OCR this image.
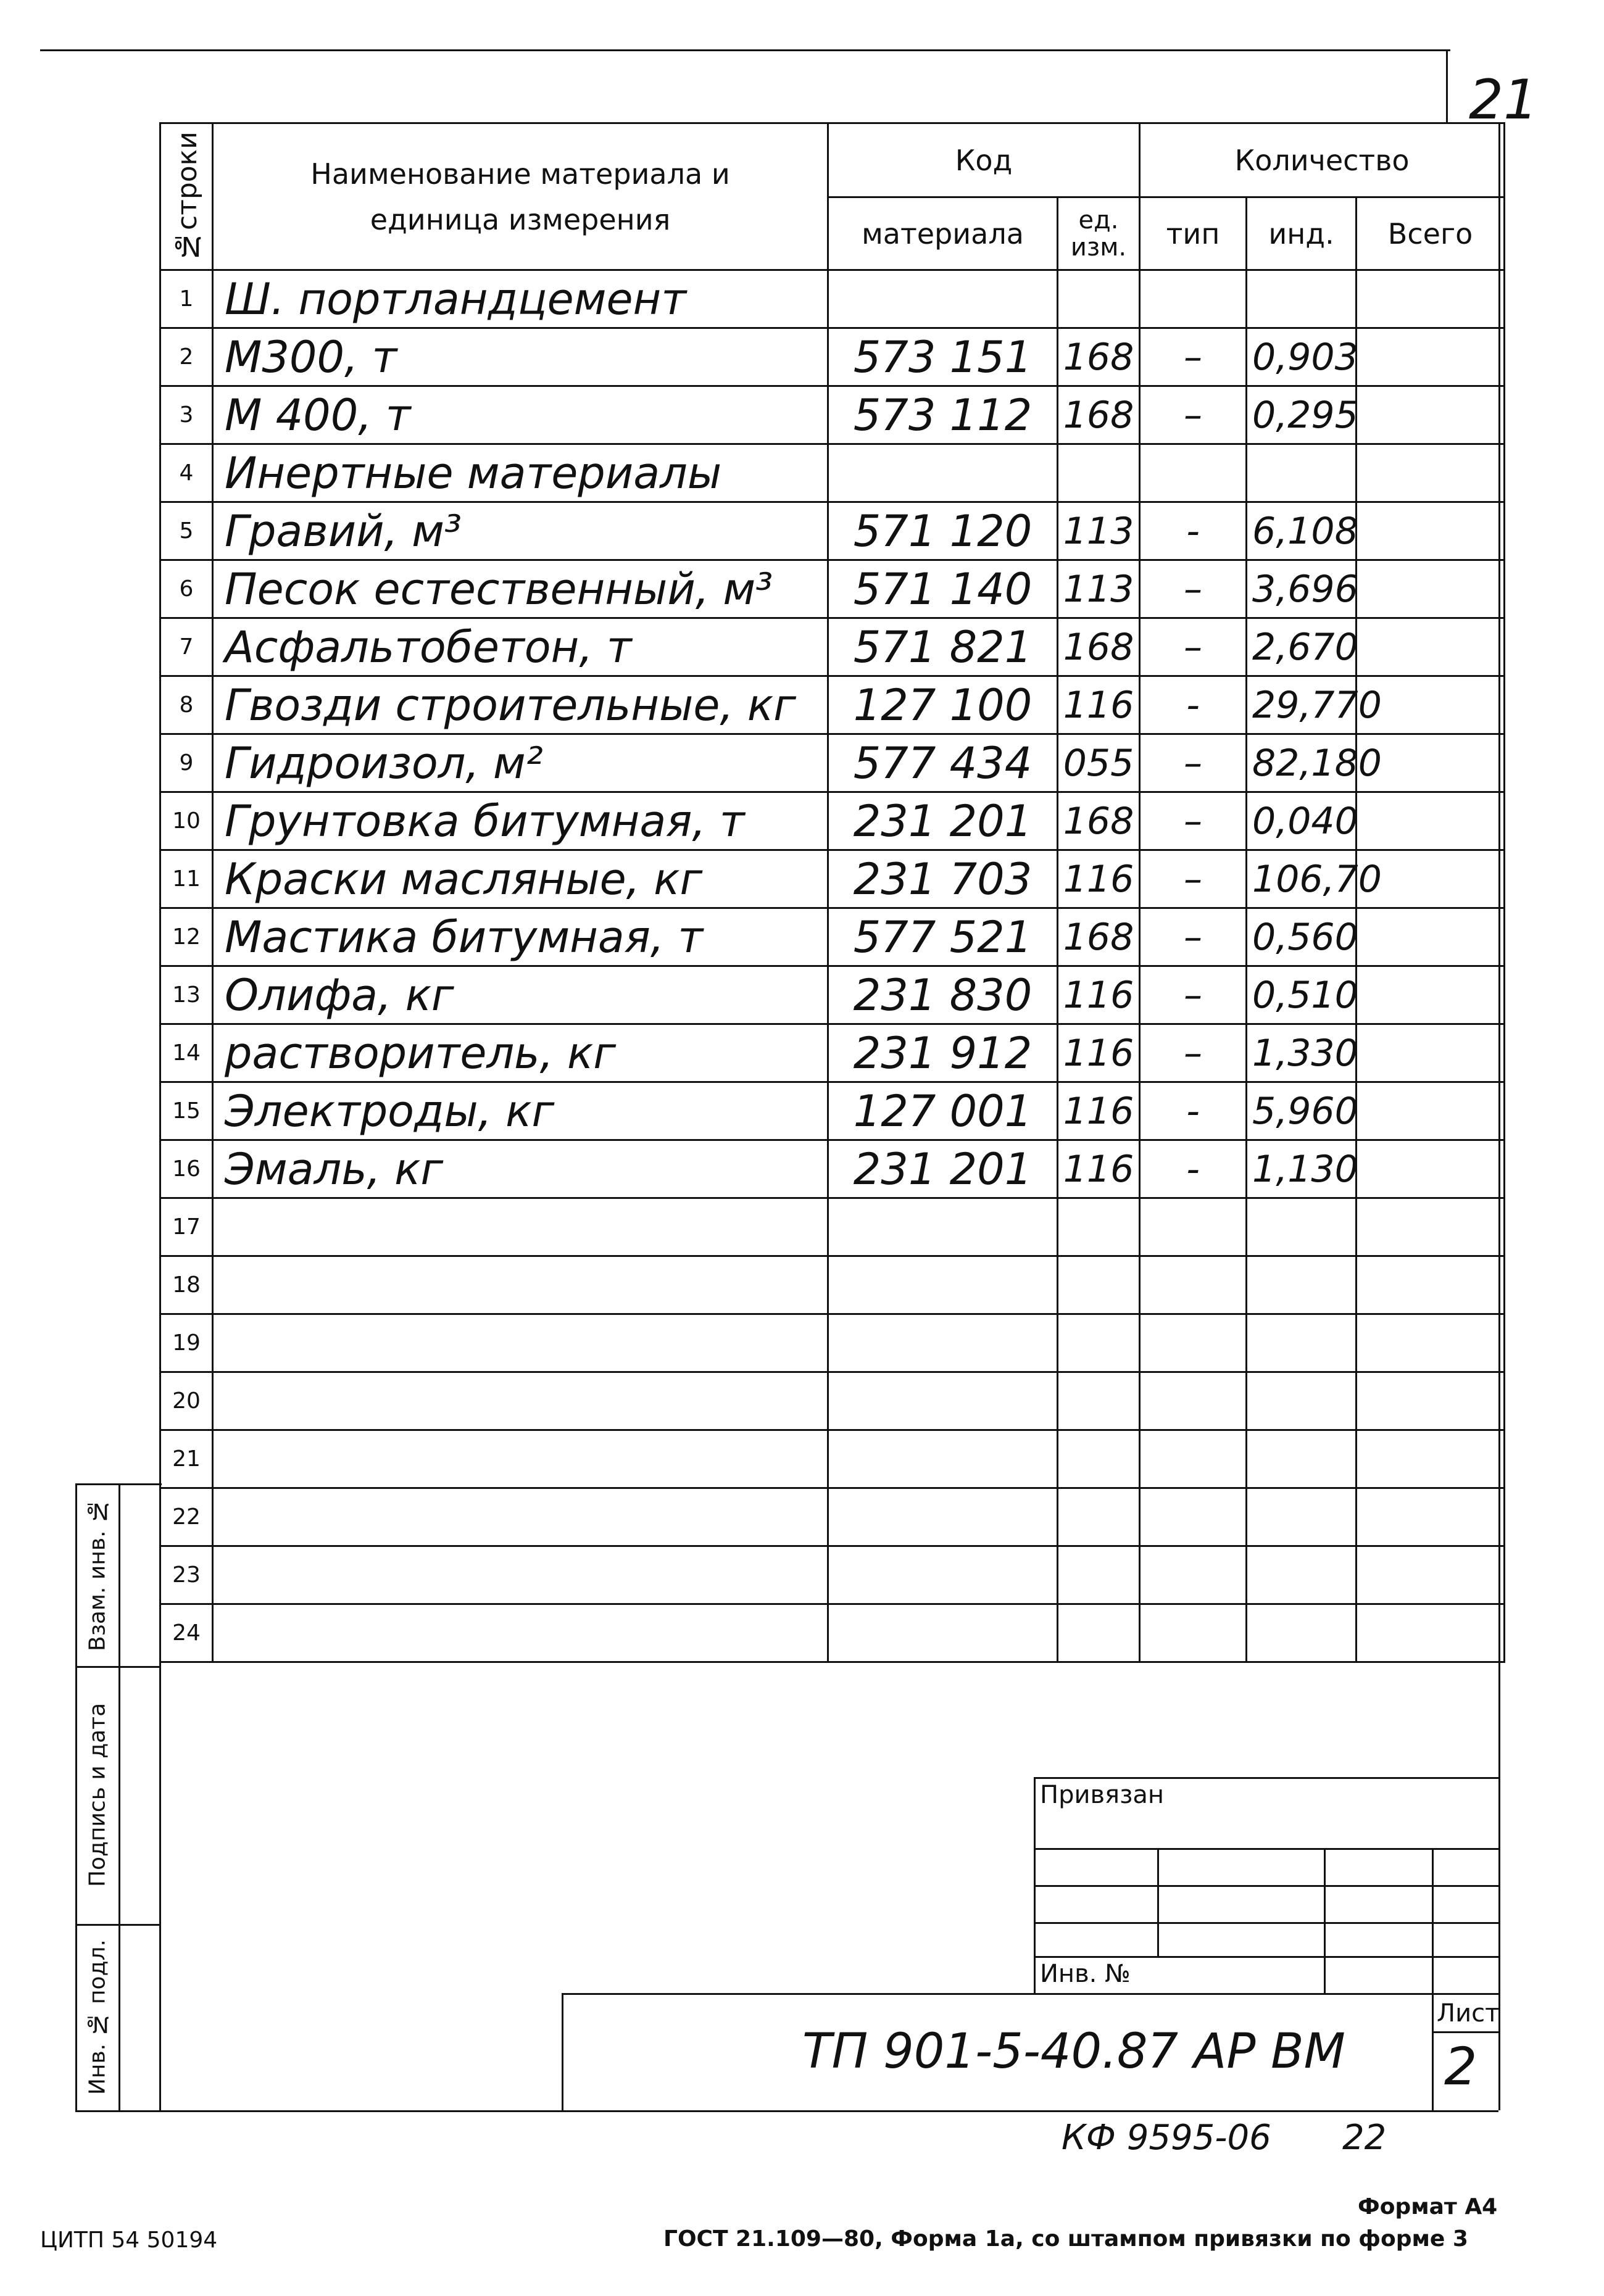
21
№строки	Наименование материала и единица измерения	Код		Количество		
		материала	ед. изм.	тип	инд.	Всего
1	Ш. портландцемент					
2	М300, т	573 151	168	–	0,903	
3	М 400, т	573 112	168	–	0,295	
4	Инертные материалы					
5	Гравий, м³	571 120	113	-	6,108	
6	Песок естественный, м³	571 140	113	–	3,696	
7	Асфальтобетон, т	571 821	168	–	2,670	
8	Гвозди строительные, кг	127 100	116	-	29,770	
9	Гидроизол, м²	577 434	055	–	82,180	
10	Грунтовка битумная, т	231 201	168	–	0,040	
11	Краски масляные, кг	231 703	116	–	106,70	
12	Мастика битумная, т	577 521	168	–	0,560	
13	Олифа, кг	231 830	116	–	0,510	
14	растворитель, кг	231 912	116	–	1,330	
15	Электроды, кг	127 001	116	-	5,960	
16	Эмаль, кг	231 201	116	-	1,130	
17						
18						
19						
20						
21						
22						
23						
24						
Взам. инв. №
Подпись и дата
Инв. № подл.
Привязан
Инв. №
Лист
2
ТП 901-5-40.87 АР ВМ
КФ 9595-06 22
Формат А4
ЦИТП 54 50194	ГОСТ 21.109—80, Форма 1а, со штампом привязки по форме 3
